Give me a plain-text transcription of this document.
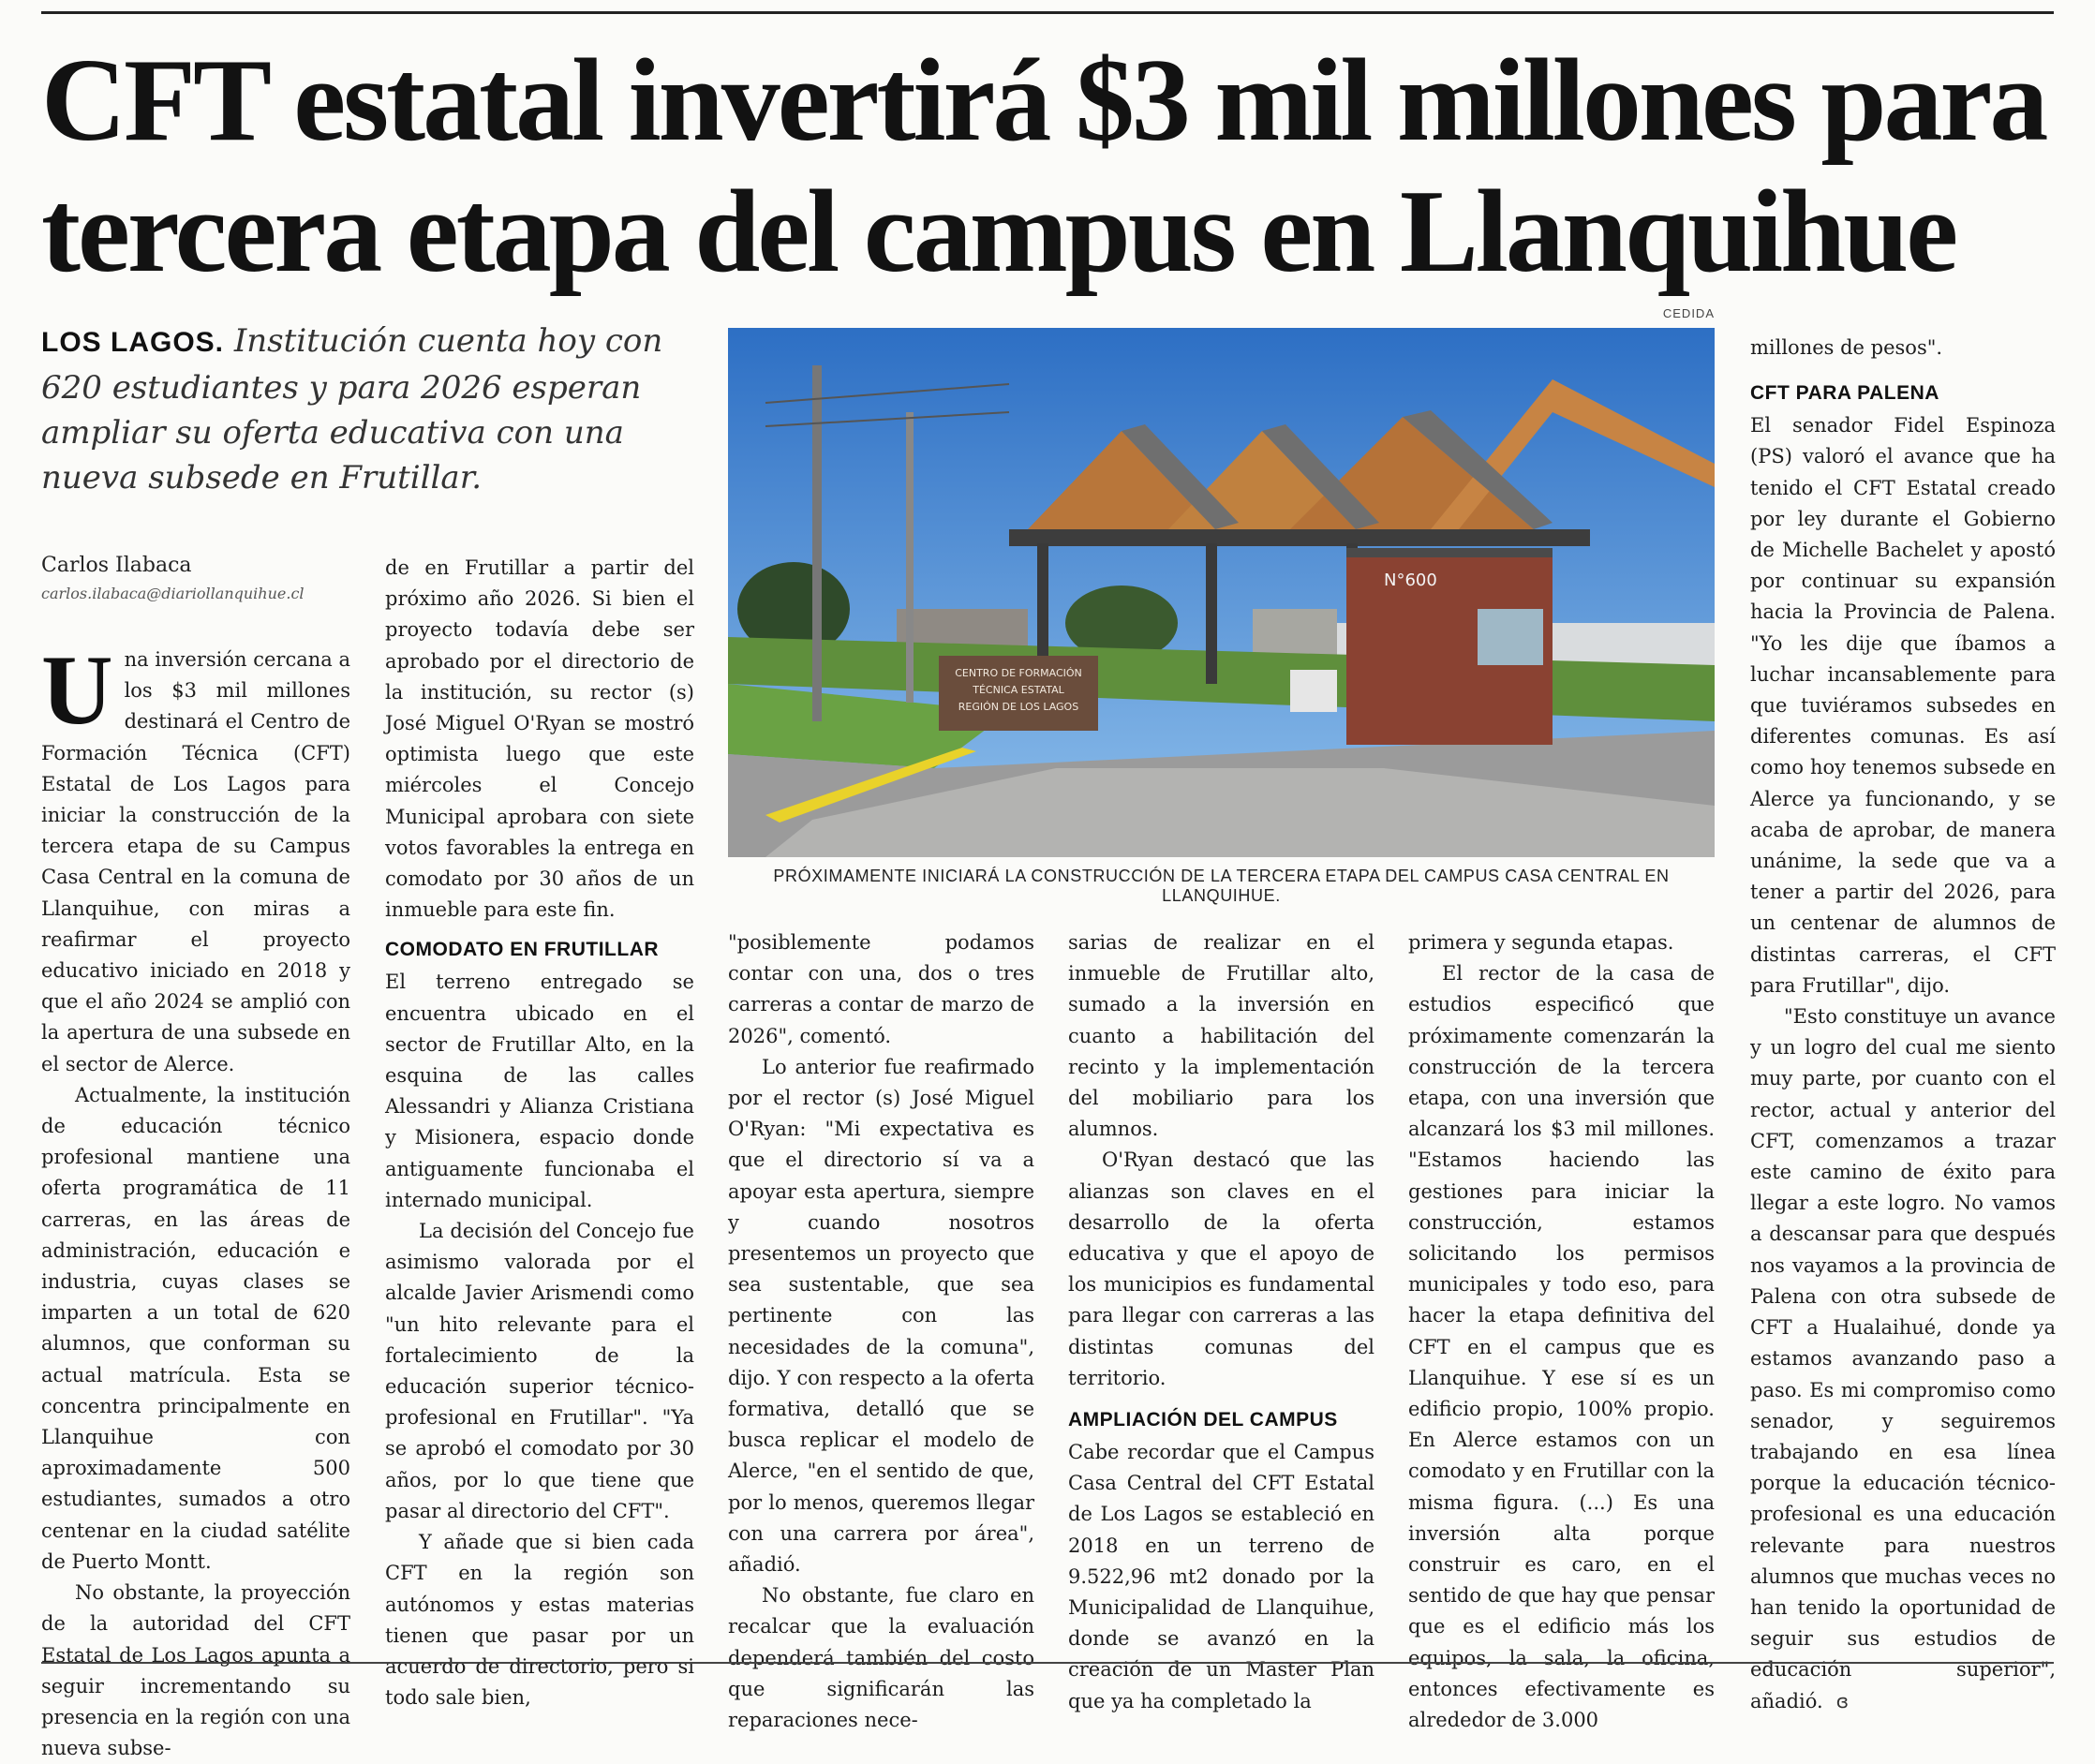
CFT estatal invertirá $3 mil millones para
tercera etapa del campus en Llanquihue
LOS LAGOS. Institución cuenta hoy con 620 estudiantes y para 2026 esperan ampliar su oferta educativa con una nueva subsede en Frutillar.
Carlos Ilabaca
carlos.ilabaca@diariollanquihue.cl

Una inversión cercana a los $3 mil millones destinará el Centro de Formación Técnica (CFT) Estatal de Los Lagos para iniciar la construcción de la tercera etapa de su Campus Casa Central en la comuna de Llanquihue, con miras a reafirmar el proyecto educativo iniciado en 2018 y que el año 2024 se amplió con la apertura de una subsede en el sector de Alerce.

Actualmente, la institución de educación técnico profesional mantiene una oferta programática de 11 carreras, en las áreas de administración, educación e industria, cuyas clases se imparten a un total de 620 alumnos, que conforman su actual matrícula. Esta se concentra principalmente en Llanquihue con aproximadamente 500 estudiantes, sumados a otro centenar en la ciudad satélite de Puerto Montt.

No obstante, la proyección de la autoridad del CFT Estatal de Los Lagos apunta a seguir incrementando su presencia en la región con una nueva subse-

de en Frutillar a partir del próximo año 2026. Si bien el proyecto todavía debe ser aprobado por el directorio de la institución, su rector (s) José Miguel O'Ryan se mostró optimista luego que este miércoles el Concejo Municipal aprobara con siete votos favorables la entrega en comodato por 30 años de un inmueble para este fin.

COMODATO EN FRUTILLAR

El terreno entregado se encuentra ubicado en el sector de Frutillar Alto, en la esquina de las calles Alessandri y Alianza Cristiana y Misionera, espacio donde antiguamente funcionaba el internado municipal.

La decisión del Concejo fue asimismo valorada por el alcalde Javier Arismendi como "un hito relevante para el fortalecimiento de la educación superior técnico-profesional en Frutillar". "Ya se aprobó el comodato por 30 años, por lo que tiene que pasar al directorio del CFT".

Y añade que si bien cada CFT en la región son autónomos y estas materias tienen que pasar por un acuerdo de directorio, pero si todo sale bien,

CEDIDA
CENTRO DE FORMACIÓN
TÉCNICA ESTATAL
REGIÓN DE LOS LAGOS
N°600
PRÓXIMAMENTE INICIARÁ LA CONSTRUCCIÓN DE LA TERCERA ETAPA DEL CAMPUS CASA CENTRAL EN LLANQUIHUE.

"posiblemente podamos contar con una, dos o tres carreras a contar de marzo de 2026", comentó.

Lo anterior fue reafirmado por el rector (s) José Miguel O'Ryan: "Mi expectativa es que el directorio sí va a apoyar esta apertura, siempre y cuando nosotros presentemos un proyecto que sea sustentable, que sea pertinente con las necesidades de la comuna", dijo. Y con respecto a la oferta formativa, detalló que se busca replicar el modelo de Alerce, "en el sentido de que, por lo menos, queremos llegar con una carrera por área", añadió.

No obstante, fue claro en recalcar que la evaluación dependerá también del costo que significarán las reparaciones nece-

sarias de realizar en el inmueble de Frutillar alto, sumado a la inversión en cuanto a habilitación del recinto y la implementación del mobiliario para los alumnos.

O'Ryan destacó que las alianzas son claves en el desarrollo de la oferta educativa y que el apoyo de los municipios es fundamental para llegar con carreras a las distintas comunas del territorio.

AMPLIACIÓN DEL CAMPUS

Cabe recordar que el Campus Casa Central del CFT Estatal de Los Lagos se estableció en 2018 en un terreno de 9.522,96 mt2 donado por la Municipalidad de Llanquihue, donde se avanzó en la creación de un Master Plan que ya ha completado la

primera y segunda etapas.

El rector de la casa de estudios especificó que próximamente comenzarán la construcción de la tercera etapa, con una inversión que alcanzará los $3 mil millones. "Estamos haciendo las gestiones para iniciar la construcción, estamos solicitando los permisos municipales y todo eso, para hacer la etapa definitiva del CFT en el campus que es Llanquihue. Y ese sí es un edificio propio, 100% propio. En Alerce estamos con un comodato y en Frutillar con la misma figura. (...) Es una inversión alta porque construir es caro, en el sentido de que hay que pensar que es el edificio más los equipos, la sala, la oficina, entonces efectivamente es alrededor de 3.000

millones de pesos".

CFT PARA PALENA

El senador Fidel Espinoza (PS) valoró el avance que ha tenido el CFT Estatal creado por ley durante el Gobierno de Michelle Bachelet y apostó por continuar su expansión hacia la Provincia de Palena. "Yo les dije que íbamos a luchar incansablemente para que tuviéramos subsedes en diferentes comunas. Es así como hoy tenemos subsede en Alerce ya funcionando, y se acaba de aprobar, de manera unánime, la sede que va a tener a partir del 2026, para un centenar de alumnos de distintas carreras, el CFT para Frutillar", dijo.

"Esto constituye un avance y un logro del cual me siento muy parte, por cuanto con el rector, actual y anterior del CFT, comenzamos a trazar este camino de éxito para llegar a este logro. No vamos a descansar para que después nos vayamos a la provincia de Palena con otra subsede de CFT a Hualaihué, donde ya estamos avanzando paso a paso. Es mi compromiso como senador, y seguiremos trabajando en esa línea porque la educación técnico-profesional es una educación relevante para nuestros alumnos que muchas veces no han tenido la oportunidad de seguir sus estudios de educación superior", añadió. ɞ
